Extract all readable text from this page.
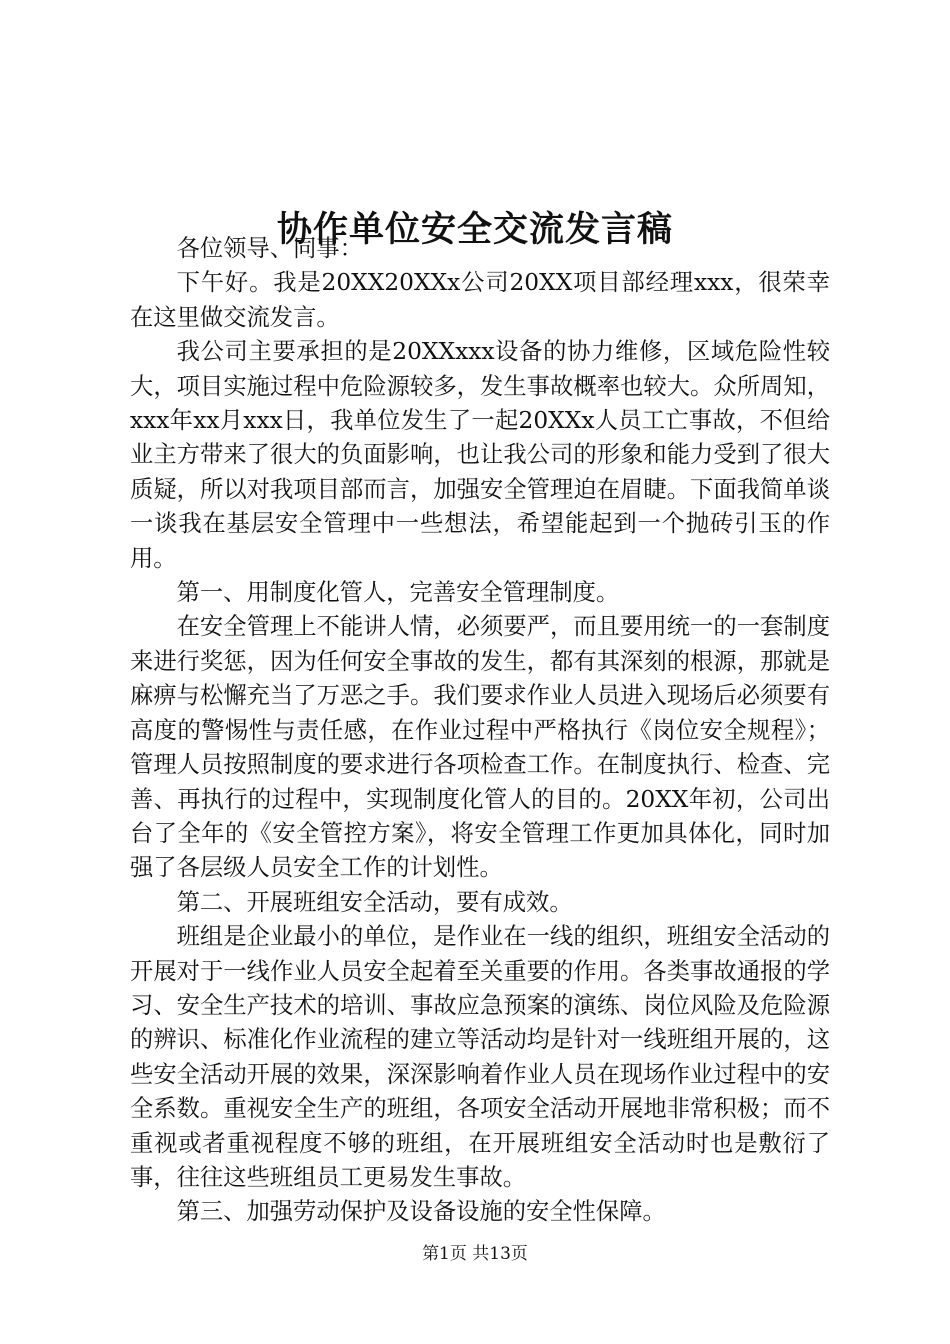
协作单位安全交流发言稿

各位领导、同事：

下午好。我是20XX20XXx公司20XX项目部经理xxx，很荣幸在这里做交流发言。

我公司主要承担的是20XXxxx设备的协力维修，区域危险性较大，项目实施过程中危险源较多，发生事故概率也较大。众所周知，xxx年xx月xxx日，我单位发生了一起20XXx人员工亡事故，不但给业主方带来了很大的负面影响，也让我公司的形象和能力受到了很大质疑，所以对我项目部而言，加强安全管理迫在眉睫。下面我简单谈一谈我在基层安全管理中一些想法，希望能起到一个抛砖引玉的作用。

第一、用制度化管人，完善安全管理制度。

在安全管理上不能讲人情，必须要严，而且要用统一的一套制度来进行奖惩，因为任何安全事故的发生，都有其深刻的根源，那就是麻痹与松懈充当了万恶之手。我们要求作业人员进入现场后必须要有高度的警惕性与责任感，在作业过程中严格执行《岗位安全规程》；管理人员按照制度的要求进行各项检查工作。在制度执行、检查、完善、再执行的过程中，实现制度化管人的目的。20XX年初，公司出台了全年的《安全管控方案》，将安全管理工作更加具体化，同时加强了各层级人员安全工作的计划性。

第二、开展班组安全活动，要有成效。

班组是企业最小的单位，是作业在一线的组织，班组安全活动的开展对于一线作业人员安全起着至关重要的作用。各类事故通报的学习、安全生产技术的培训、事故应急预案的演练、岗位风险及危险源的辨识、标准化作业流程的建立等活动均是针对一线班组开展的，这些安全活动开展的效果，深深影响着作业人员在现场作业过程中的安全系数。重视安全生产的班组，各项安全活动开展地非常积极；而不重视或者重视程度不够的班组，在开展班组安全活动时也是敷衍了事，往往这些班组员工更易发生事故。

第三、加强劳动保护及设备设施的安全性保障。

第1页 共13页
